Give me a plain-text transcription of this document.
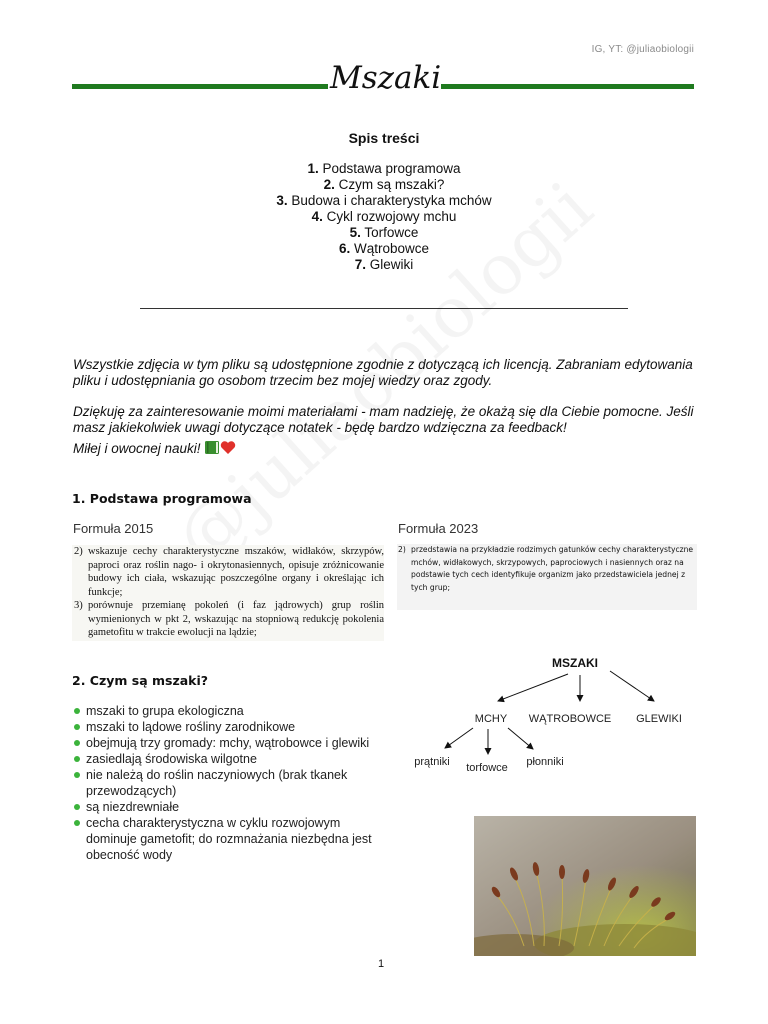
IG, YT: @juliaobiologii
Mszaki
Spis treści
1. Podstawa programowa
2. Czym są mszaki?
3. Budowa i charakterystyka mchów
4. Cykl rozwojowy mchu
5. Torfowce
6. Wątrobowce
7. Glewiki

Wszystkie zdjęcia w tym pliku są udostępnione zgodnie z dotyczącą ich licencją. Zabraniam edytowania pliku i udostępniania go osobom trzecim bez mojej wiedzy oraz zgody.

Dziękuję za zainteresowanie moimi materiałami - mam nadzieję, że okażą się dla Ciebie pomocne. Jeśli masz jakiekolwiek uwagi dotyczące notatek - będę bardzo wdzięczna za feedback!

Miłej i owocnej nauki!

1. Podstawa programowa
Formuła 2015	Formuła 2023
2) wskazuje cechy charakterystyczne mszaków, widłaków, skrzypów, paproci oraz roślin nago- i okrytonasiennych, opisuje zróżnicowanie budowy ich ciała, wskazując poszczególne organy i określając ich funkcje;
3) porównuje przemianę pokoleń (i faz jądrowych) grup roślin wymienionych w pkt 2, wskazując na stopniową redukcję pokolenia gametofitu w trakcie ewolucji na lądzie;
2) przedstawia na przykładzie rodzimych gatunków cechy charakterystyczne mchów, widłakowych, skrzypowych, paprociowych i nasiennych oraz na podstawie tych cech identyfikuje organizm jako przedstawiciela jednej z tych grup;
2. Czym są mszaki?
mszaki to grupa ekologiczna
mszaki to lądowe rośliny zarodnikowe
obejmują trzy gromady: mchy, wątrobowce i glewiki
zasiedlają środowiska wilgotne
nie należą do roślin naczyniowych (brak tkanek przewodzących)
są niezdrewniałe
cecha charakterystyczna w cyklu rozwojowym dominuje gametofit; do rozmnażania niezbędna jest obecność wody
MSZAKI
MCHY WĄTROBOWCE GLEWIKI
prątniki torfowce płonniki
1
